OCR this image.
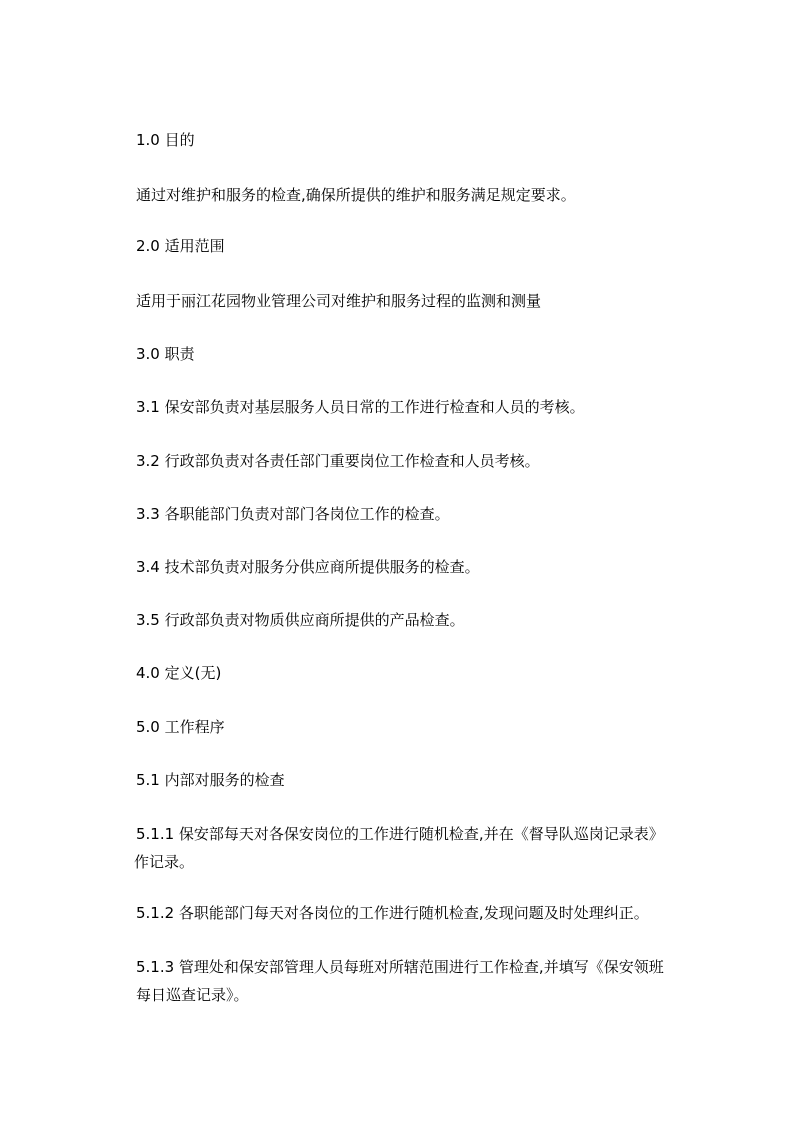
1.0 目的
通过对维护和服务的检查,确保所提供的维护和服务满足规定要求。
2.0 适用范围
适用于丽江花园物业管理公司对维护和服务过程的监测和测量
3.0 职责
3.1 保安部负责对基层服务人员日常的工作进行检查和人员的考核。
3.2 行政部负责对各责任部门重要岗位工作检查和人员考核。
3.3 各职能部门负责对部门各岗位工作的检查。
3.4 技术部负责对服务分供应商所提供服务的检查。
3.5 行政部负责对物质供应商所提供的产品检查。
4.0 定义(无)
5.0 工作程序
5.1 内部对服务的检查
5.1.1 保安部每天对各保安岗位的工作进行随机检查,并在《督导队巡岗记录表》
作记录。
5.1.2 各职能部门每天对各岗位的工作进行随机检查,发现问题及时处理纠正。
5.1.3 管理处和保安部管理人员每班对所辖范围进行工作检查,并填写《保安领班
每日巡查记录》。
